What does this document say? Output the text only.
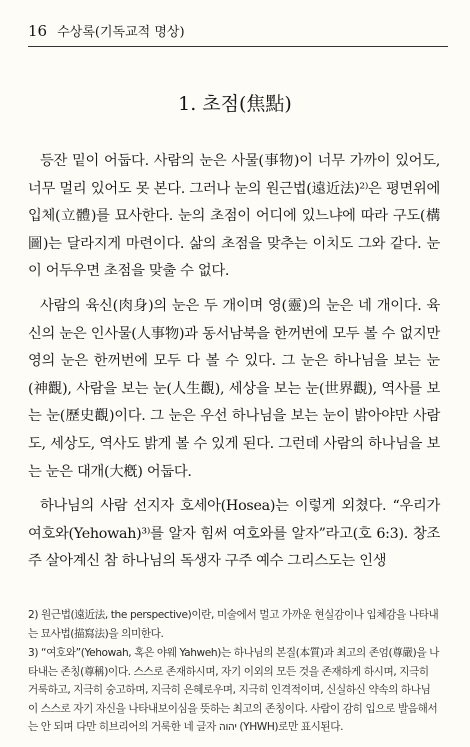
16 수상록(기독교적 명상)
1. 초점(焦點)

등잔 밑이 어둡다. 사람의 눈은 사물(事物)이 너무 가까이 있어도, 너무 멀리 있어도 못 본다. 그러나 눈의 원근법(遠近法)²⁾은 평면위에 입체(立體)를 묘사한다. 눈의 초점이 어디에 있느냐에 따라 구도(構圖)는 달라지게 마련이다. 삶의 초점을 맞추는 이치도 그와 같다. 눈이 어두우면 초점을 맞출 수 없다.

사람의 육신(肉身)의 눈은 두 개이며 영(靈)의 눈은 네 개이다. 육신의 눈은 인사물(人事物)과 동서남북을 한꺼번에 모두 볼 수 없지만 영의 눈은 한꺼번에 모두 다 볼 수 있다. 그 눈은 하나님을 보는 눈(神觀), 사람을 보는 눈(人生觀), 세상을 보는 눈(世界觀), 역사를 보는 눈(歷史觀)이다. 그 눈은 우선 하나님을 보는 눈이 밝아야만 사람도, 세상도, 역사도 밝게 볼 수 있게 된다. 그런데 사람의 하나님을 보는 눈은 대개(大槪) 어둡다.

하나님의 사람 선지자 호세아(Hosea)는 이렇게 외쳤다. “우리가 여호와(Yehowah)³⁾를 알자 힘써 여호와를 알자”라고(호 6:3). 창조주 살아계신 참 하나님의 독생자 구주 예수 그리스도는 인생

2) 원근법(遠近法, the perspective)이란, 미술에서 멀고 가까운 현실감이나 입체감을 나타내는 묘사법(描寫法)을 의미한다.

3) “여호와”(Yehowah, 혹은 야웨 Yahweh)는 하나님의 본질(本質)과 최고의 존엄(尊嚴)을 나타내는 존칭(尊稱)이다. 스스로 존재하시며, 자기 이외의 모든 것을 존재하게 하시며, 지극히 거룩하고, 지극히 숭고하며, 지극히 은혜로우며, 지극히 인격적이며, 신실하신 약속의 하나님이 스스로 자기 자신을 나타내보이심을 뜻하는 최고의 존칭이다. 사람이 감히 입으로 발음해서는 안 되며 다만 히브리어의 거룩한 네 글자 יהוה (YHWH)로만 표시된다.
